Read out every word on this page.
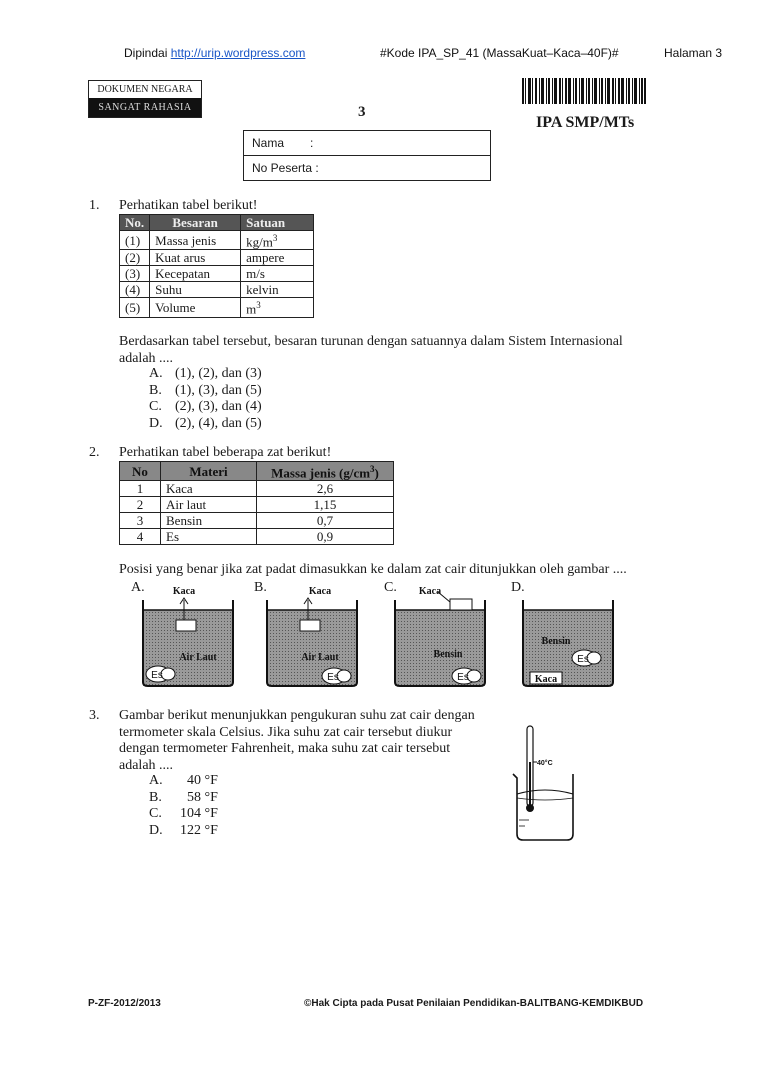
Dipindai http://urip.wordpress.com	#Kode IPA_SP_41 (MassaKuat–Kaca–40F)#	Halaman 3
DOKUMEN NEGARA
SANGAT RAHASIA	3
IPA SMP/MTs
Nama :
No Peserta :
1. Perhatikan tabel berikut!
No.	Besaran	Satuan
(1)	Massa jenis	$kg/m^3$
(2)	Kuat arus	ampere
(3)	Kecepatan	m/s
(4)	Suhu	kelvin
(5)	Volume	$m^3$
Berdasarkan tabel tersebut, besaran turunan dengan satuannya dalam Sistem Internasional
adalah ....
A. (1), (2), dan (3)
B. (1), (3), dan (5)
C. (2), (3), dan (4)
D. (2), (4), dan (5)
2. Perhatikan tabel beberapa zat berikut!
No	Materi	Massa jenis $(g/cm^3)$
1	Kaca	2,6
2	Air laut	1,15
3	Bensin	0,7
4	Es	0,9
Posisi yang benar jika zat padat dimasukkan ke dalam zat cair ditunjukkan oleh gambar ....
A.	Kaca
Air Laut
Es
B.	Kaca
Air Laut
Es
C. Kaca
Bensin
Es
D.
Bensin
Es
Kaca
3. Gambar berikut menunjukkan pengukuran suhu zat cair dengan
termometer skala Celsius. Jika suhu zat cair tersebut diukur
dengan termometer Fahrenheit, maka suhu zat cair tersebut
adalah ....
A. 40 °F
B. 58 °F
C. 104 °F
D. 122 °F
40°C
P-ZF-2012/2013	©Hak Cipta pada Pusat Penilaian Pendidikan-BALITBANG-KEMDIKBUD
